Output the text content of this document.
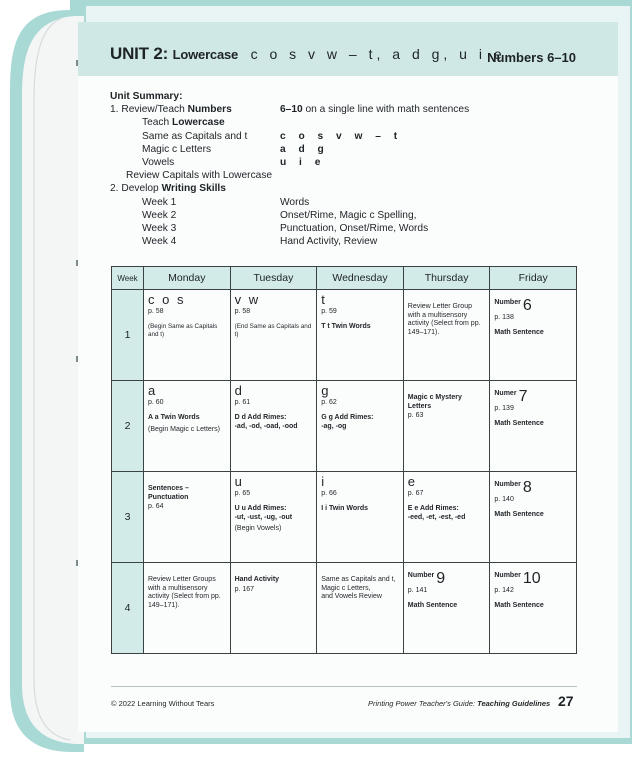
UNIT 2: Lowercase c o s v w – t, a d g, u i e
Numbers 6–10
Unit Summary:
1. Review/Teach Numbers	6–10 on a single line with math sentences
Teach Lowercase
Same as Capitals and t	c o s v w – t
Magic c Letters	a d g
Vowels	u i e
Review Capitals with Lowercase
2. Develop Writing Skills
Week 1	Words
Week 2	Onset/Rime, Magic c Spelling,
Week 3	Punctuation, Onset/Rime, Words
Week 4	Hand Activity, Review
Week	Monday	Tuesday	Wednesday	Thursday	Friday
1	c o s
p. 58
(Begin Same as Capitals and t)	v w
p. 58
(End Same as Capitals and t)	t
p. 59
T t Twin Words	Review Letter Group with a multisensory activity (Select from pp. 149–171).	Number 6
p. 138
Math Sentence

2	a
p. 60
A a Twin Words
(Begin Magic c Letters)	d
p. 61
D d Add Rimes:
-ad, -od, -oad, -ood	g
p. 62
G g Add Rimes:
-ag, -og	Magic c Mystery Letters
p. 63	Numer 7
p. 139
Math Sentence

3	Sentences – Punctuation
p. 64	u
p. 65
U u Add Rimes:
-ut, -ust, -ug, -out
(Begin Vowels)	i
p. 66
I i Twin Words	e
p. 67
E e Add Rimes:
-eed, -et, -est, -ed	Number 8
p. 140
Math Sentence

4	Review Letter Groups with a multisensory activity (Select from pp. 149–171).	Hand Activity
p. 167	Same as Capitals and t,
Magic c Letters,
and Vowels Review	Number 9
p. 141
Math Sentence	Number 10
p. 142
Math Sentence
© 2022 Learning Without Tears	Printing Power Teacher's Guide: Teaching Guidelines 27
